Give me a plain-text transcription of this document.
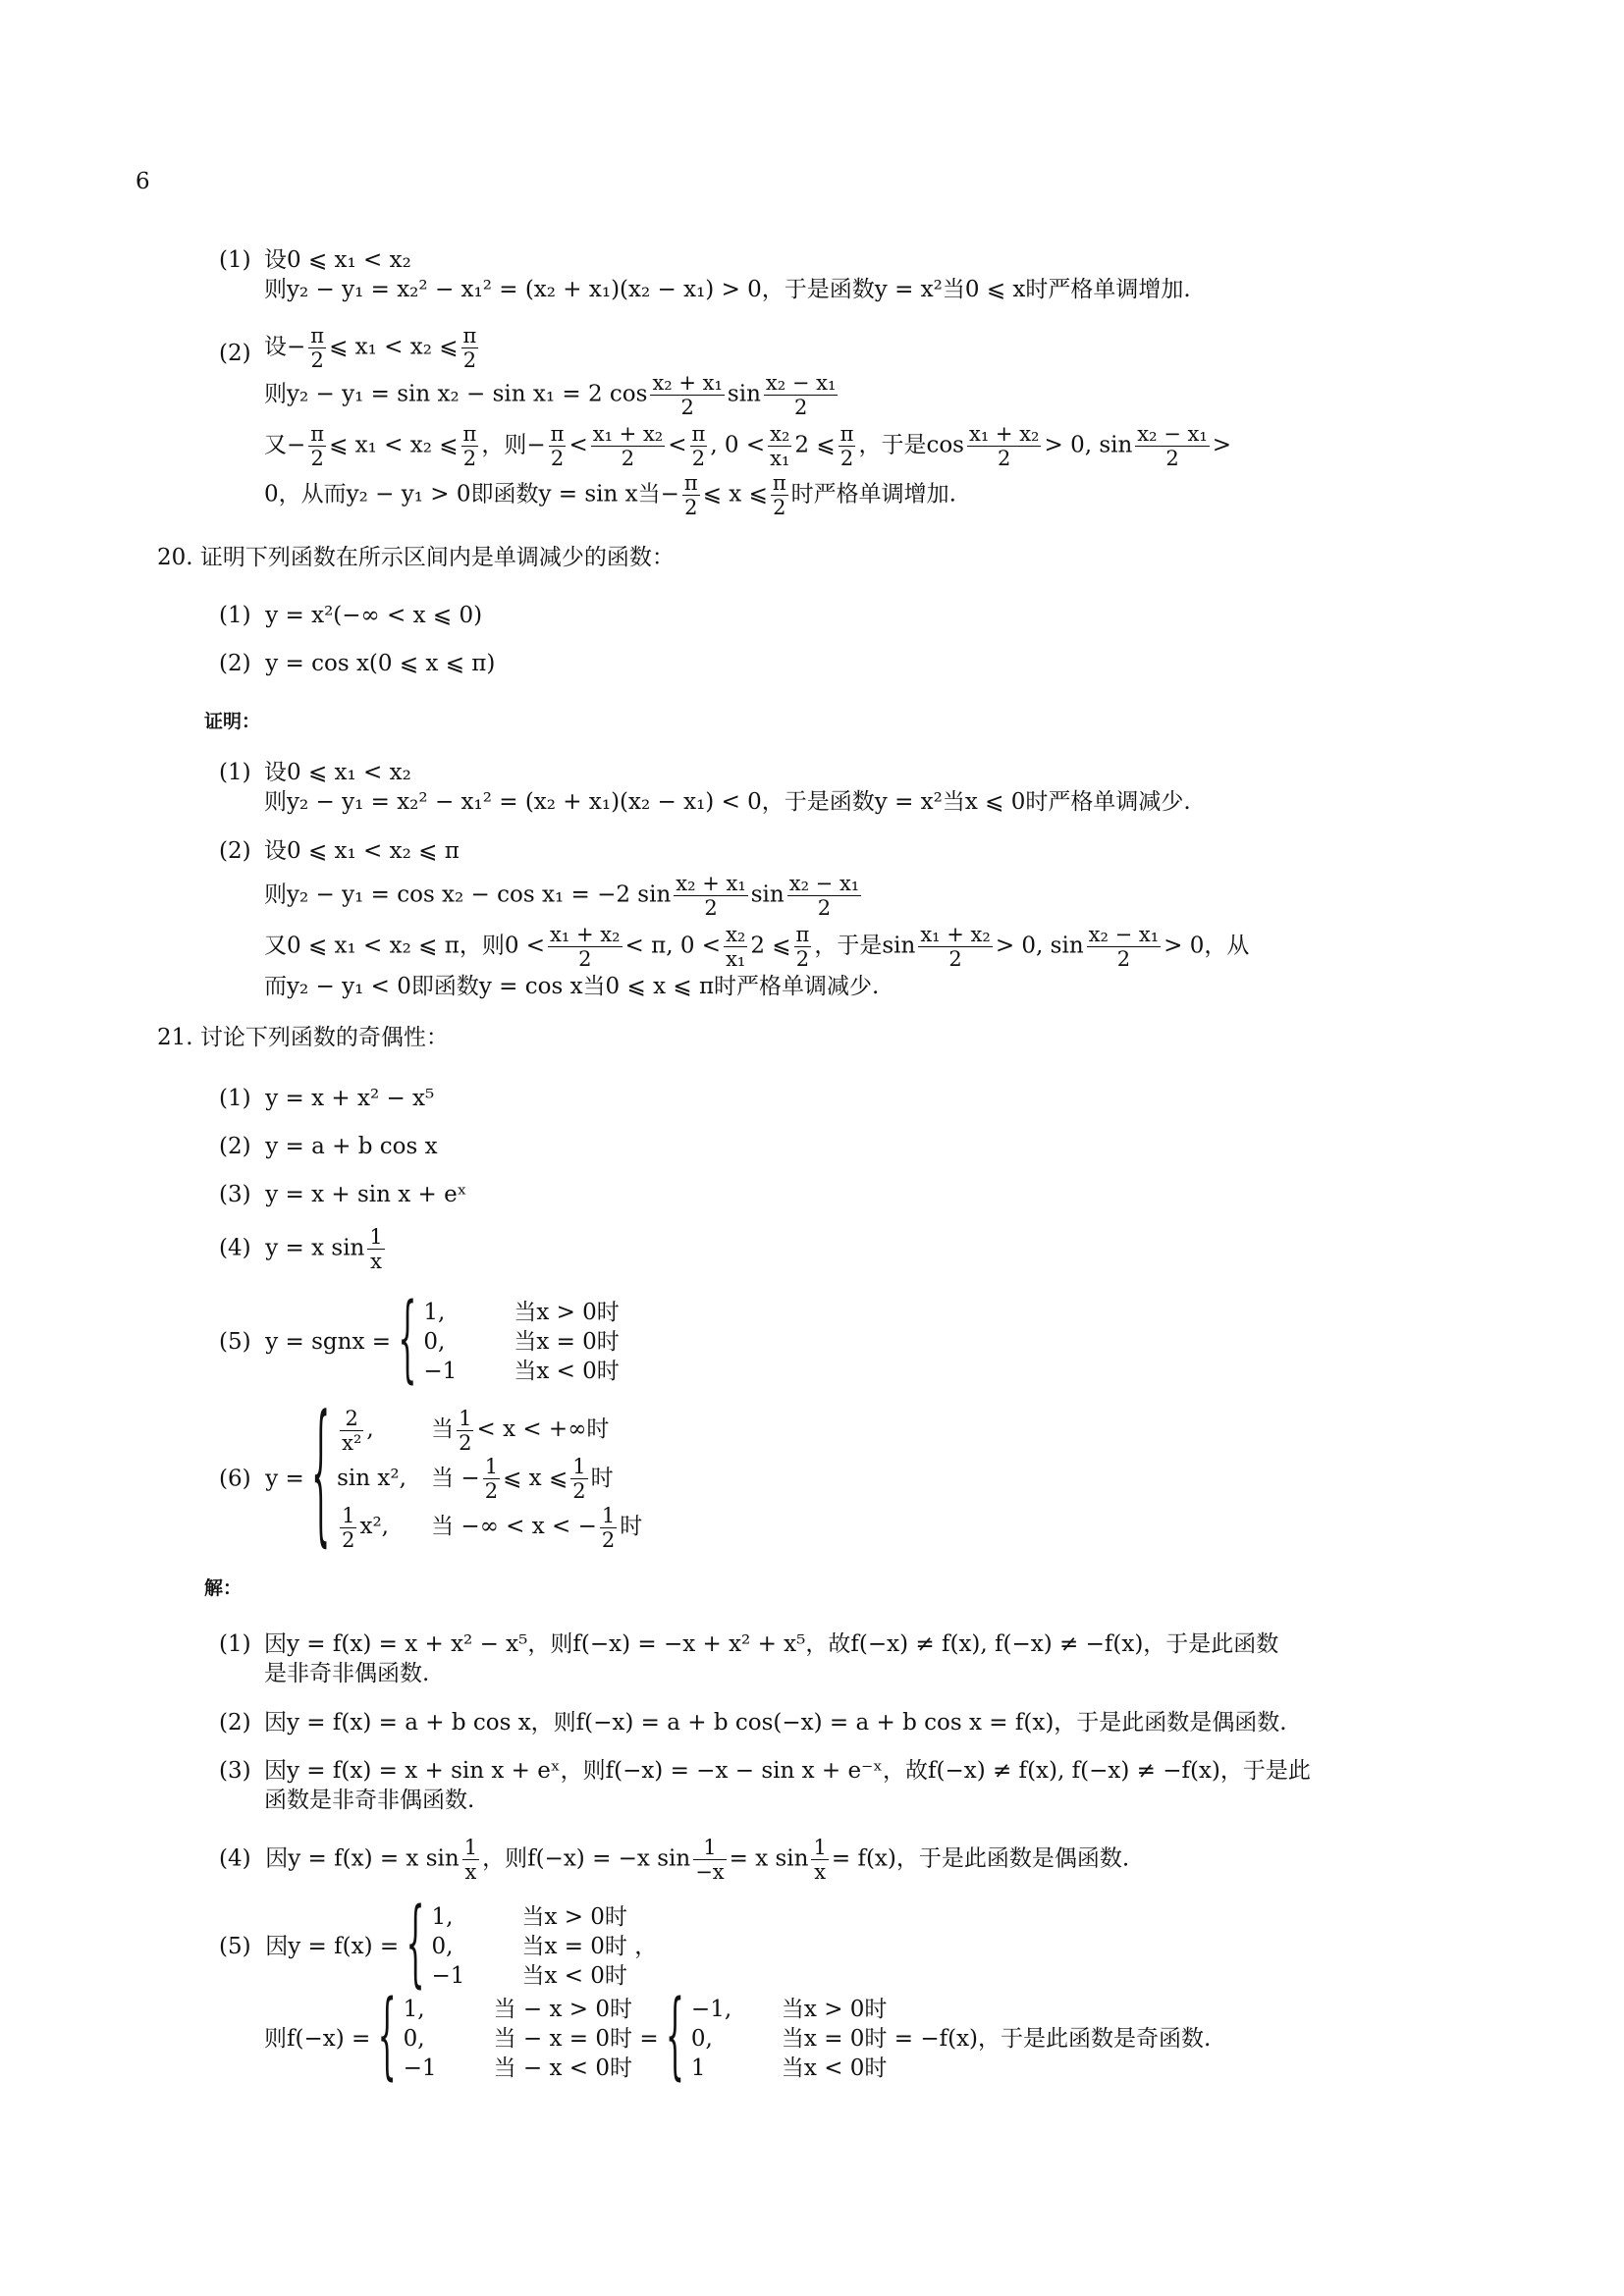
6
(1) 设0 ⩽ x₁ < x₂
则y₂ − y₁ = x₂² − x₁² = (x₂ + x₁)(x₂ − x₁) > 0，于是函数y = x²当0 ⩽ x时严格单调增加.
(2) 设− $\frac{\pi}{2}$ ⩽ x₁ < x₂ ⩽ $\frac{\pi}{2}$
则y₂ − y₁ = sin x₂ − sin x₁ = 2 $\cos \frac{\text{x₂ + x₁}}{2}$ $\sin \frac{\text{x₂ − x₁}}{2}$
又− $\frac{\pi}{2}$ ⩽ x₁ < x₂ ⩽ $\frac{\pi}{2}$ ，则− $\frac{\pi}{2} < \frac{\text{x₁ + x₂}}{2} < \frac{\pi}{2}$ , $0 < \frac{\text{x₂}}{\text{x₁}} 2$ ⩽ $\frac{\pi}{2}$ ，于是$\cos \frac{\text{x₁ + x₂}}{2} > 0$, $\sin \frac{\text{x₂ − x₁}}{2}$ >
0，从而y₂ − y₁ > 0即函数y = sin x当− $\frac{\pi}{2}$ ⩽ x ⩽ $\frac{\pi}{2}$ 时严格单调增加.
20. 证明下列函数在所示区间内是单调减少的函数：
(1) y = x²(−∞ < x ⩽ 0)
(2) y = cos x(0 ⩽ x ⩽ π)
证明：
(1) 设0 ⩽ x₁ < x₂
则y₂ − y₁ = x₂² − x₁² = (x₂ + x₁)(x₂ − x₁) < 0，于是函数y = x²当x ⩽ 0时严格单调减少.
(2) 设0 ⩽ x₁ < x₂ ⩽ π
则y₂ − y₁ = cos x₂ − cos x₁ = −2 $\sin \frac{\text{x₂ + x₁}}{2}$ $\sin \frac{\text{x₂ − x₁}}{2}$
又0 ⩽ x₁ < x₂ ⩽ π，则$0 < \frac{\text{x₁ + x₂}}{2} < \pi$, $0 < \frac{\text{x₂}}{\text{x₁}} 2$ ⩽ $\frac{\pi}{2}$ ，于是$\sin \frac{\text{x₁ + x₂}}{2} > 0$, $\sin \frac{\text{x₂ − x₁}}{2} > 0$，从
而y₂ − y₁ < 0即函数y = cos x当0 ⩽ x ⩽ π时严格单调减少.
21. 讨论下列函数的奇偶性：
(1) y = x + x² − x⁵
(2) y = a + b cos x
(3) y = x + sin x + eˣ
(4) y = x $\sin \frac{1}{x}$
(5) y = sgnx =
{ 1,	当x > 0时
0,	当x = 0时
−1	当x < 0时
(6) y =
{ $\frac{2}{\text{x²}}$ ,	当 $\frac{1}{2} < x$ < +∞时
sin x²,	当 − $\frac{1}{2}$ ⩽ x ⩽ $\frac{1}{2}$ 时
$\frac{1}{2} x^2$,	当 −∞ < x < − $\frac{1}{2}$ 时
解：
(1) 因y = f(x) = x + x² − x⁵，则f(−x) = −x + x² + x⁵，故f(−x) ≠ f(x), f(−x) ≠ −f(x)，于是此函数
是非奇非偶函数.
(2) 因y = f(x) = a + b cos x，则f(−x) = a + b cos(−x) = a + b cos x = f(x)，于是此函数是偶函数.
(3) 因y = f(x) = x + sin x + eˣ，则f(−x) = −x − sin x + e⁻ˣ，故f(−x) ≠ f(x), f(−x) ≠ −f(x)，于是此
函数是非奇非偶函数.
(4) 因y = f(x) = x $\sin \frac{1}{x}$ ，则f(−x) = −x $\sin \frac{1}{-x} = x$ $\sin \frac{1}{x} = f(x)$，于是此函数是偶函数.
(5) 因y = f(x) =
{ 1,	当x > 0时
0,	当x = 0时
−1	当x < 0时
，
则f(−x) =
{ 1,	当 − x > 0时
0,	当 − x = 0时
−1	当 − x < 0时
=
{ −1,	当x > 0时
0,	当x = 0时
1	当x < 0时
= −f(x)，于是此函数是奇函数.
